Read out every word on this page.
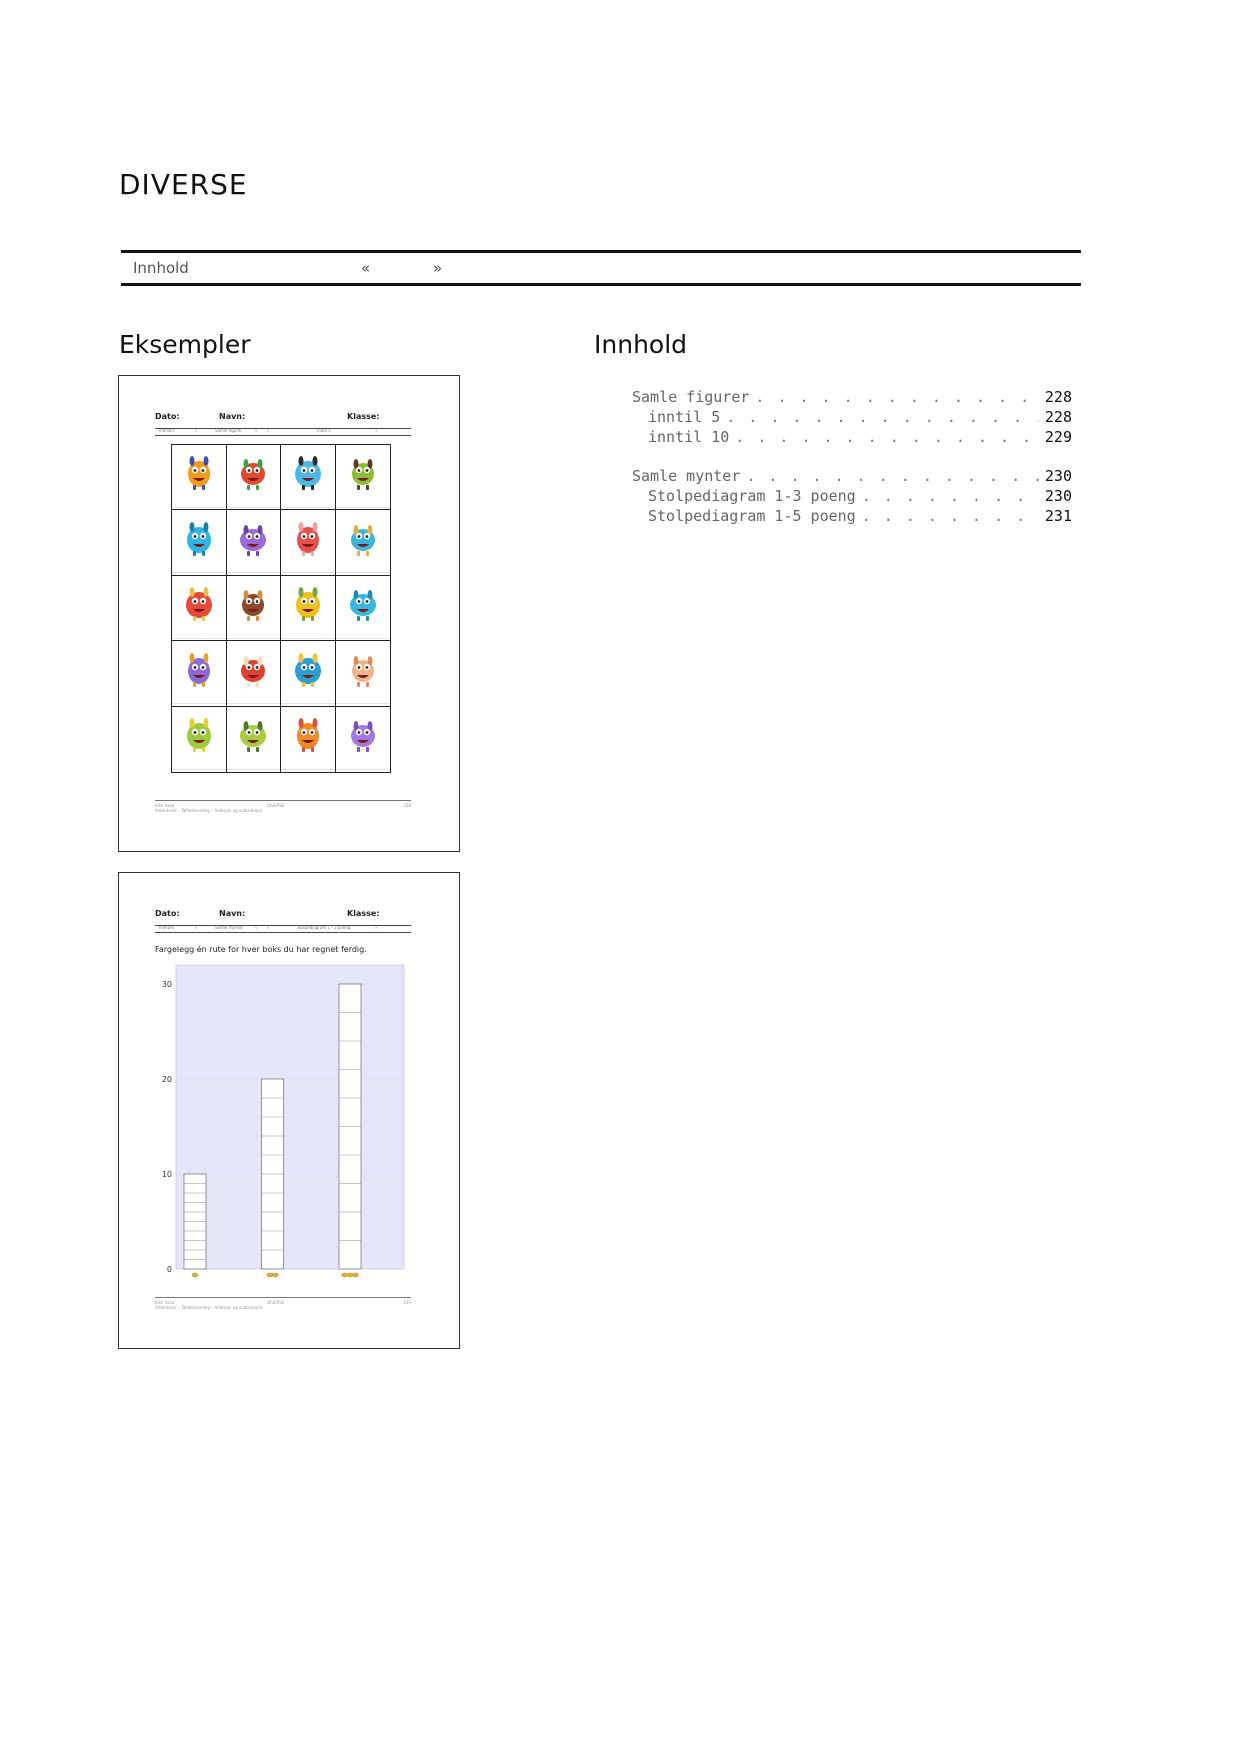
DIVERSE
Innhold	«	»
Eksempler	Innhold
Dato:	Navn:	Klasse:
Innhold	«	Samle figurer	« »	inntil 5	»
Kikk hasa
Arbeidsark – Tallbehandling – Addisjon og subtraksjon
DIVERSE	228
Dato:	Navn:	Klasse:
Innhold	«	Samle mynter	« »	Stolpediagram 1 - 3 poeng	»
Fargelegg én rute for hver boks du har regnet ferdig.
0
10
20
30
Kikk hasa
Arbeidsark – Tallbehandling – Addisjon og subtraksjon
DIVERSE	230
Samle figurer . . .	228
inntil 5 . . .	228
inntil 10 . . .	229
Samle mynter . . .	230
Stolpediagram 1-3 poeng . . .	230
Stolpediagram 1-5 poeng . . .	231
